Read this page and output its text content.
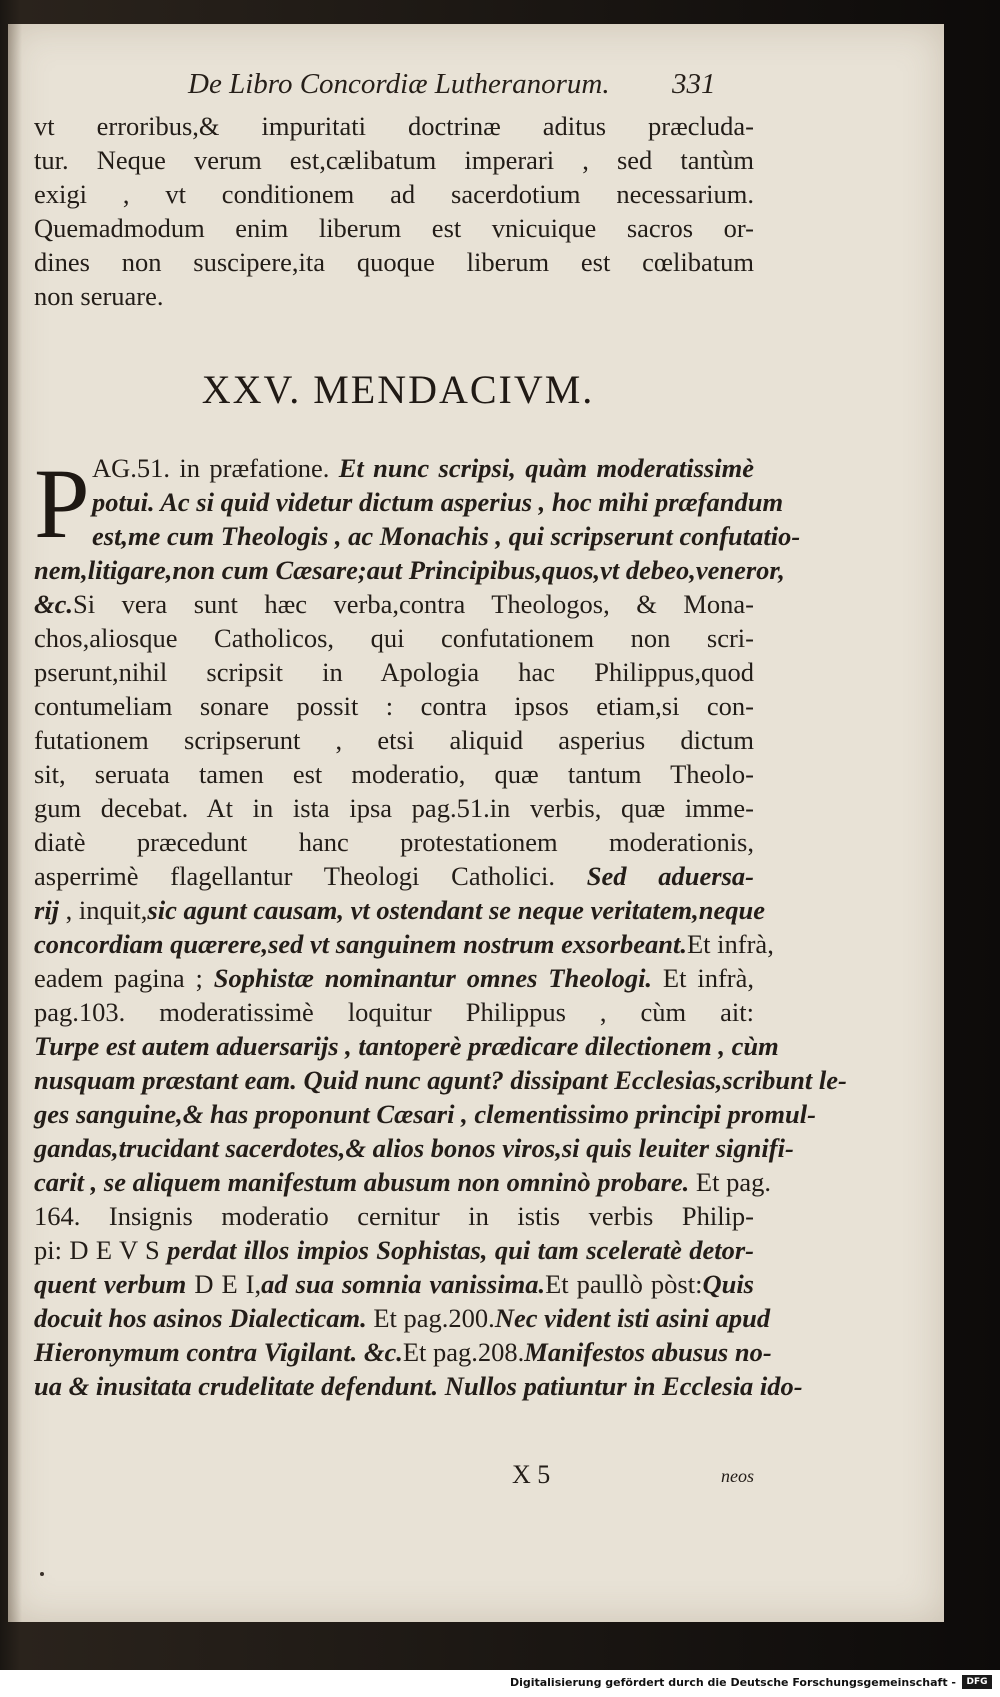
De Libro Concordiæ Lutheranorum. 331
vt erroribus,& impuritati doctrinæ aditus præcluda-
tur. Neque verum est,cælibatum imperari , sed tantùm
exigi , vt conditionem ad sacerdotium necessarium.
Quemadmodum enim liberum est vnicuique sacros or-
dines non suscipere,ita quoque liberum est cœlibatum
non seruare.
XXV. MENDACIVM.
P AG.51. in præfatione. Et nunc scripsi, quàm moderatissimè
potui. Ac si quid videtur dictum asperius , hoc mihi præfandum
est,me cum Theologis , ac Monachis , qui scripserunt confutatio-
nem,litigare,non cum Cæsare;aut Principibus,quos,vt debeo,veneror,
&c.Si vera sunt hæc verba,contra Theologos, & Mona-
chos,aliosque Catholicos, qui confutationem non scri-
pserunt,nihil scripsit in Apologia hac Philippus,quod
contumeliam sonare possit : contra ipsos etiam,si con-
futationem scripserunt , etsi aliquid asperius dictum
sit, seruata tamen est moderatio, quæ tantum Theolo-
gum decebat. At in ista ipsa pag.51.in verbis, quæ imme-
diatè præcedunt hanc protestationem moderationis,
asperrimè flagellantur Theologi Catholici. Sed aduersa-
rij , inquit,sic agunt causam, vt ostendant se neque veritatem,neque
concordiam quærere,sed vt sanguinem nostrum exsorbeant.Et infrà,
eadem pagina ; Sophistæ nominantur omnes Theologi. Et infrà,
pag.103. moderatissimè loquitur Philippus , cùm ait:
Turpe est autem aduersarijs , tantoperè prædicare dilectionem , cùm
nusquam præstant eam. Quid nunc agunt? dissipant Ecclesias,scribunt le-
ges sanguine,& has proponunt Cæsari , clementissimo principi promul-
gandas,trucidant sacerdotes,& alios bonos viros,si quis leuiter signifi-
carit , se aliquem manifestum abusum non omninò probare. Et pag.
164. Insignis moderatio cernitur in istis verbis Philip-
pi: D E V S perdat illos impios Sophistas, qui tam sceleratè detor-
quent verbum D E I,ad sua somnia vanissima.Et paullò pòst:Quis
docuit hos asinos Dialecticam. Et pag.200.Nec vident isti asini apud
Hieronymum contra Vigilant. &c.Et pag.208.Manifestos abusus no-
ua & inusitata crudelitate defendunt. Nullos patiuntur in Ecclesia ido-
X 5	neos
Digitalisierung gefördert durch die Deutsche Forschungsgemeinschaft -	DFG
